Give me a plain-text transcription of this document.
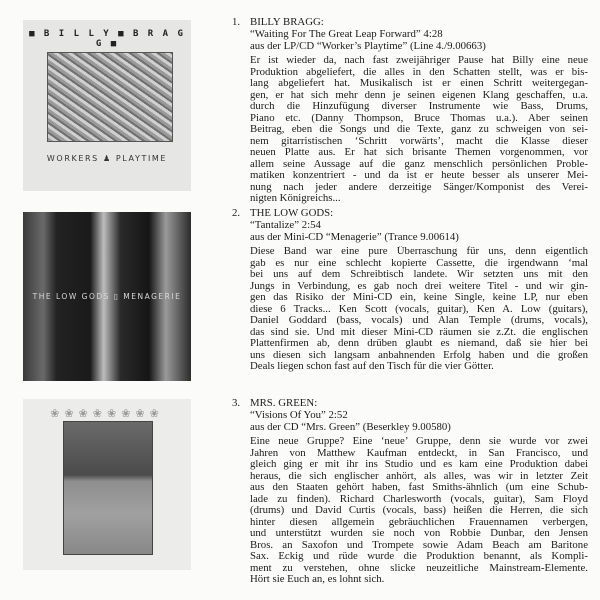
■ B I L L Y ■ B R A G G ■
WORKERS ♟ PLAYTIME
THE LOW GODS ▯ MENAGERIE
❀❀❀❀❀❀❀❀
1. BILLY BRAGG:
“Waiting For The Great Leap Forward” 4:28
aus der LP/CD “Worker’s Playtime” (Line 4./9.00663)
Er ist wieder da, nach fast zweijähriger Pause hat Billy eine neue
Produktion abgeliefert, die alles in den Schatten stellt, was er bis-
lang abgeliefert hat. Musikalisch ist er einen Schritt weitergegan-
gen, er hat sich mehr denn je seinen eigenen Klang geschaffen, u.a.
durch die Hinzufügung diverser Instrumente wie Bass, Drums,
Piano etc. (Danny Thompson, Bruce Thomas u.a.). Aber seinen
Beitrag, eben die Songs und die Texte, ganz zu schweigen von sei-
nem gitarristischen ‘Schritt vorwärts’, macht die Klasse dieser
neuen Platte aus. Er hat sich brisante Themen vorgenommen, vor
allem seine Aussage auf die ganz menschlich persönlichen Proble-
matiken konzentriert - und da ist er heute besser als unserer Mei-
nung nach jeder andere derzeitige Sänger/Komponist des Verei-
nigten Königreichs...
2. THE LOW GODS:
“Tantalize” 2:54
aus der Mini-CD “Menagerie” (Trance 9.00614)
Diese Band war eine pure Überraschung für uns, denn eigentlich
gab es nur eine schlecht kopierte Cassette, die irgendwann ‘mal
bei uns auf dem Schreibtisch landete. Wir setzten uns mit den
Jungs in Verbindung, es gab noch drei weitere Titel - und wir gin-
gen das Risiko der Mini-CD ein, keine Single, keine LP, nur eben
diese 6 Tracks... Ken Scott (vocals, guitar), Ken A. Low (guitars),
Daniel Goddard (bass, vocals) und Alan Temple (drums, vocals),
das sind sie. Und mit dieser Mini-CD räumen sie z.Zt. die englischen
Plattenfirmen ab, denn drüben glaubt es niemand, daß sie hier bei
uns diesen sich langsam anbahnenden Erfolg haben und die großen
Deals liegen schon fast auf den Tisch für die vier Götter.
3. MRS. GREEN:
“Visions Of You” 2:52
aus der CD “Mrs. Green” (Beserkley 9.00580)
Eine neue Gruppe? Eine ‘neue’ Gruppe, denn sie wurde vor zwei
Jahren von Matthew Kaufman entdeckt, in San Francisco, und
gleich ging er mit ihr ins Studio und es kam eine Produktion dabei
heraus, die sich englischer anhört, als alles, was wir in letzter Zeit
aus den Staaten gehört haben, fast Smiths-ähnlich (um eine Schub-
lade zu finden). Richard Charlesworth (vocals, guitar), Sam Floyd
(drums) und David Curtis (vocals, bass) heißen die Herren, die sich
hinter diesen allgemein gebräuchlichen Frauennamen verbergen,
und unterstützt wurden sie noch von Robbie Dunbar, den Jensen
Bros. an Saxofon und Trompete sowie Adam Beach am Baritone
Sax. Eckig und rüde wurde die Produktion benannt, als Kompli-
ment zu verstehen, ohne slicke neuzeitliche Mainstream-Elemente.
Hört sie Euch an, es lohnt sich.
